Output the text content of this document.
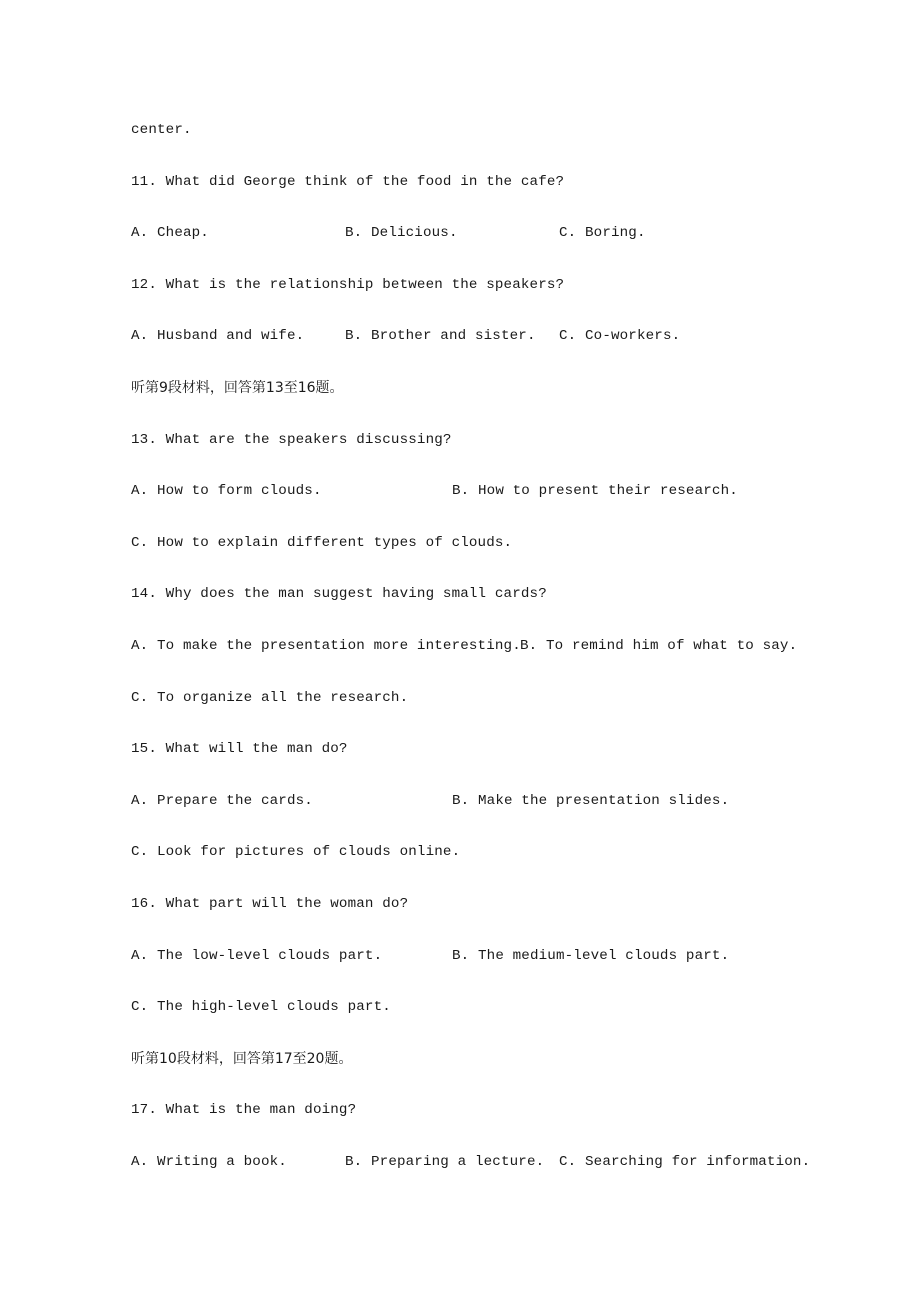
center.
11. What did George think of the food in the cafe?

A. Cheap.

	B. Delicious.

	C. Boring.

12. What is the relationship between the speakers?

A. Husband and wife.

	B. Brother and sister.

C. Co-workers.

听第9段材料，回答第13至16题。
13. What are the speakers discussing?

A. How to form clouds.

	B. How to present their research.

C. How to explain different types of clouds.
14. Why does the man suggest having small cards?

A. To make the presentation more interesting.

B. To remind him of what to say.

C. To organize all the research.
15. What will the man do?

A. Prepare the cards.

	B. Make the presentation slides.

C. Look for pictures of clouds online.
16. What part will the woman do?

A. The low-level clouds part.

	B. The medium-level clouds part.

C. The high-level clouds part.
听第10段材料，回答第17至20题。
17. What is the man doing?

A. Writing a book.

	B. Preparing a lecture.

C. Searching for information.
